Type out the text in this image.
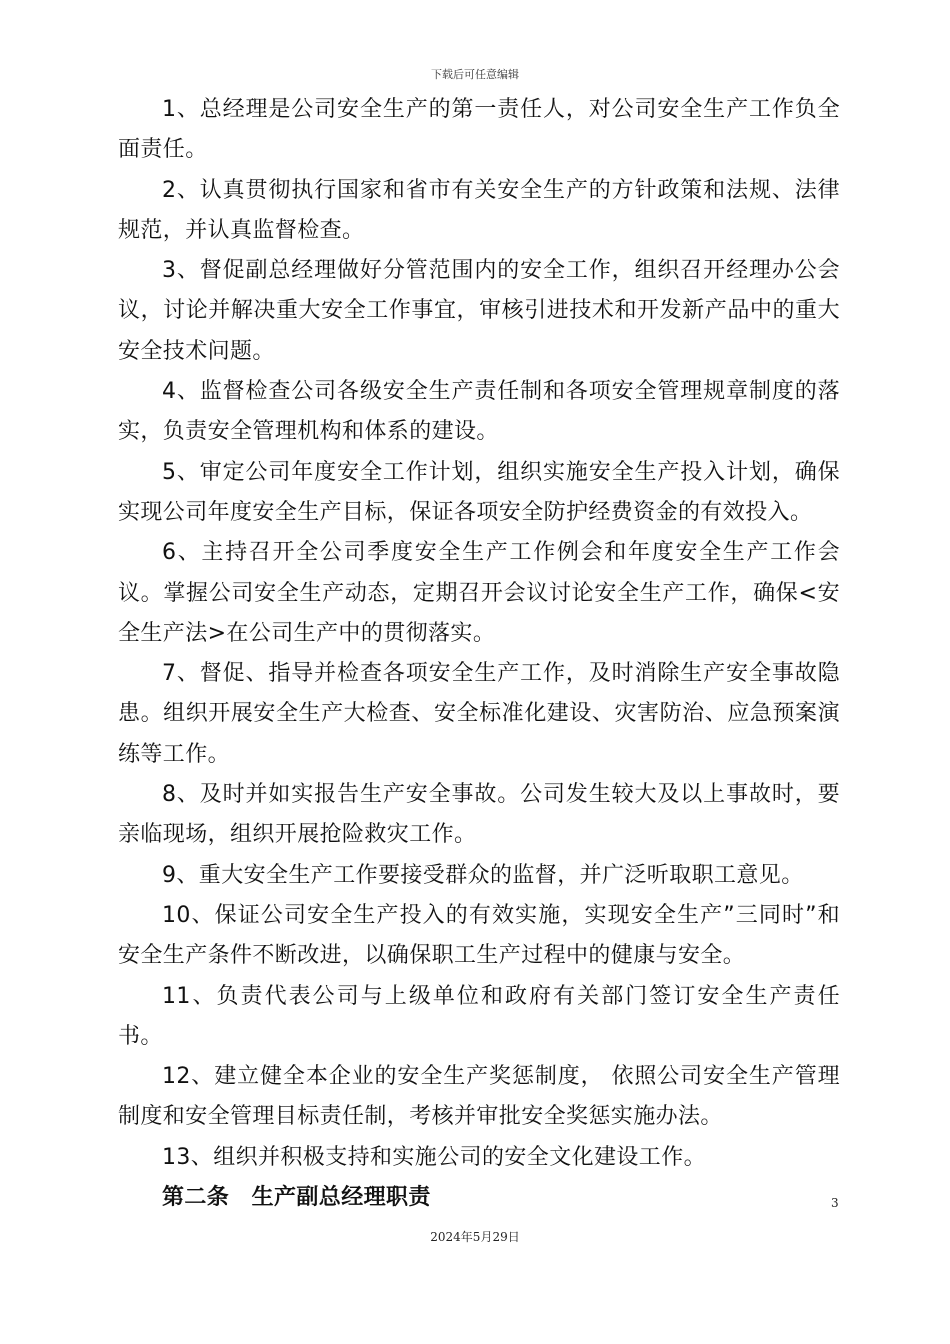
下载后可任意编辑

1、总经理是公司安全生产的第一责任人，对公司安全生产工作负全面责任。

2、认真贯彻执行国家和省市有关安全生产的方针政策和法规、法律规范，并认真监督检查。

3、督促副总经理做好分管范围内的安全工作，组织召开经理办公会议，讨论并解决重大安全工作事宜，审核引进技术和开发新产品中的重大安全技术问题。

4、监督检查公司各级安全生产责任制和各项安全管理规章制度的落实，负责安全管理机构和体系的建设。

5、审定公司年度安全工作计划，组织实施安全生产投入计划，确保实现公司年度安全生产目标，保证各项安全防护经费资金的有效投入。

6、主持召开全公司季度安全生产工作例会和年度安全生产工作会议。掌握公司安全生产动态，定期召开会议讨论安全生产工作，确保<安全生产法>在公司生产中的贯彻落实。

7、督促、指导并检查各项安全生产工作，及时消除生产安全事故隐患。组织开展安全生产大检查、安全标准化建设、灾害防治、应急预案演练等工作。

8、及时并如实报告生产安全事故。公司发生较大及以上事故时，要亲临现场，组织开展抢险救灾工作。

9、重大安全生产工作要接受群众的监督，并广泛听取职工意见。

10、保证公司安全生产投入的有效实施，实现安全生产”三同时”和安全生产条件不断改进，以确保职工生产过程中的健康与安全。

11、负责代表公司与上级单位和政府有关部门签订安全生产责任书。

12、建立健全本企业的安全生产奖惩制度， 依照公司安全生产管理制度和安全管理目标责任制，考核并审批安全奖惩实施办法。

13、组织并积极支持和实施公司的安全文化建设工作。

第二条　生产副总经理职责	3
2024年5月29日
